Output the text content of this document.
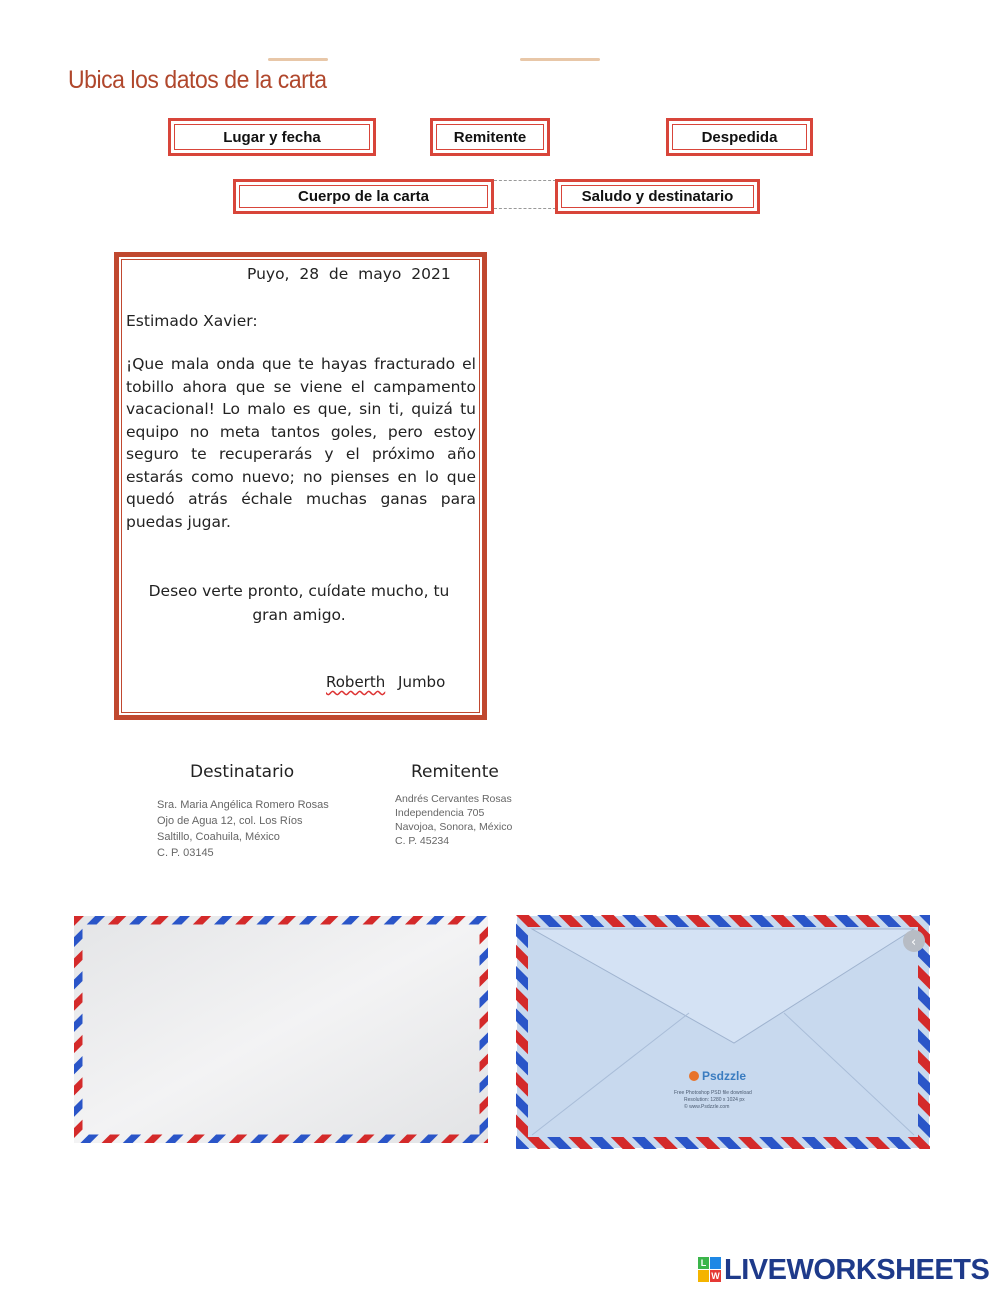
Ubica los datos de la carta
Lugar y fecha	Remitente	Despedida
Cuerpo de la carta	Saludo y destinatario
Puyo,  28  de  mayo  2021
Estimado Xavier:
¡Que mala onda que te hayas fracturado el tobillo ahora que se viene el campamento vacacional! Lo malo es que, sin ti, quizá tu equipo no meta tantos goles, pero estoy seguro te recuperarás y el próximo año estarás como nuevo; no pienses en lo que quedó atrás échale muchas ganas para puedas jugar.
Deseo verte pronto, cuídate mucho, tu gran amigo.
Roberth Jumbo
Destinatario
Sra. Maria Angélica Romero Rosas
Ojo de Agua 12, col. Los Ríos
Saltillo, Coahuila, México
C. P. 03145
Remitente
Andrés Cervantes Rosas
Independencia 705
Navojoa, Sonora, México
C. P. 45234
‹
Psdzzle
Free Photoshop PSD file download
Resolution: 1280 x 1024 px
© www.Psdzzle.com
L
W LIVEWORKSHEETS
